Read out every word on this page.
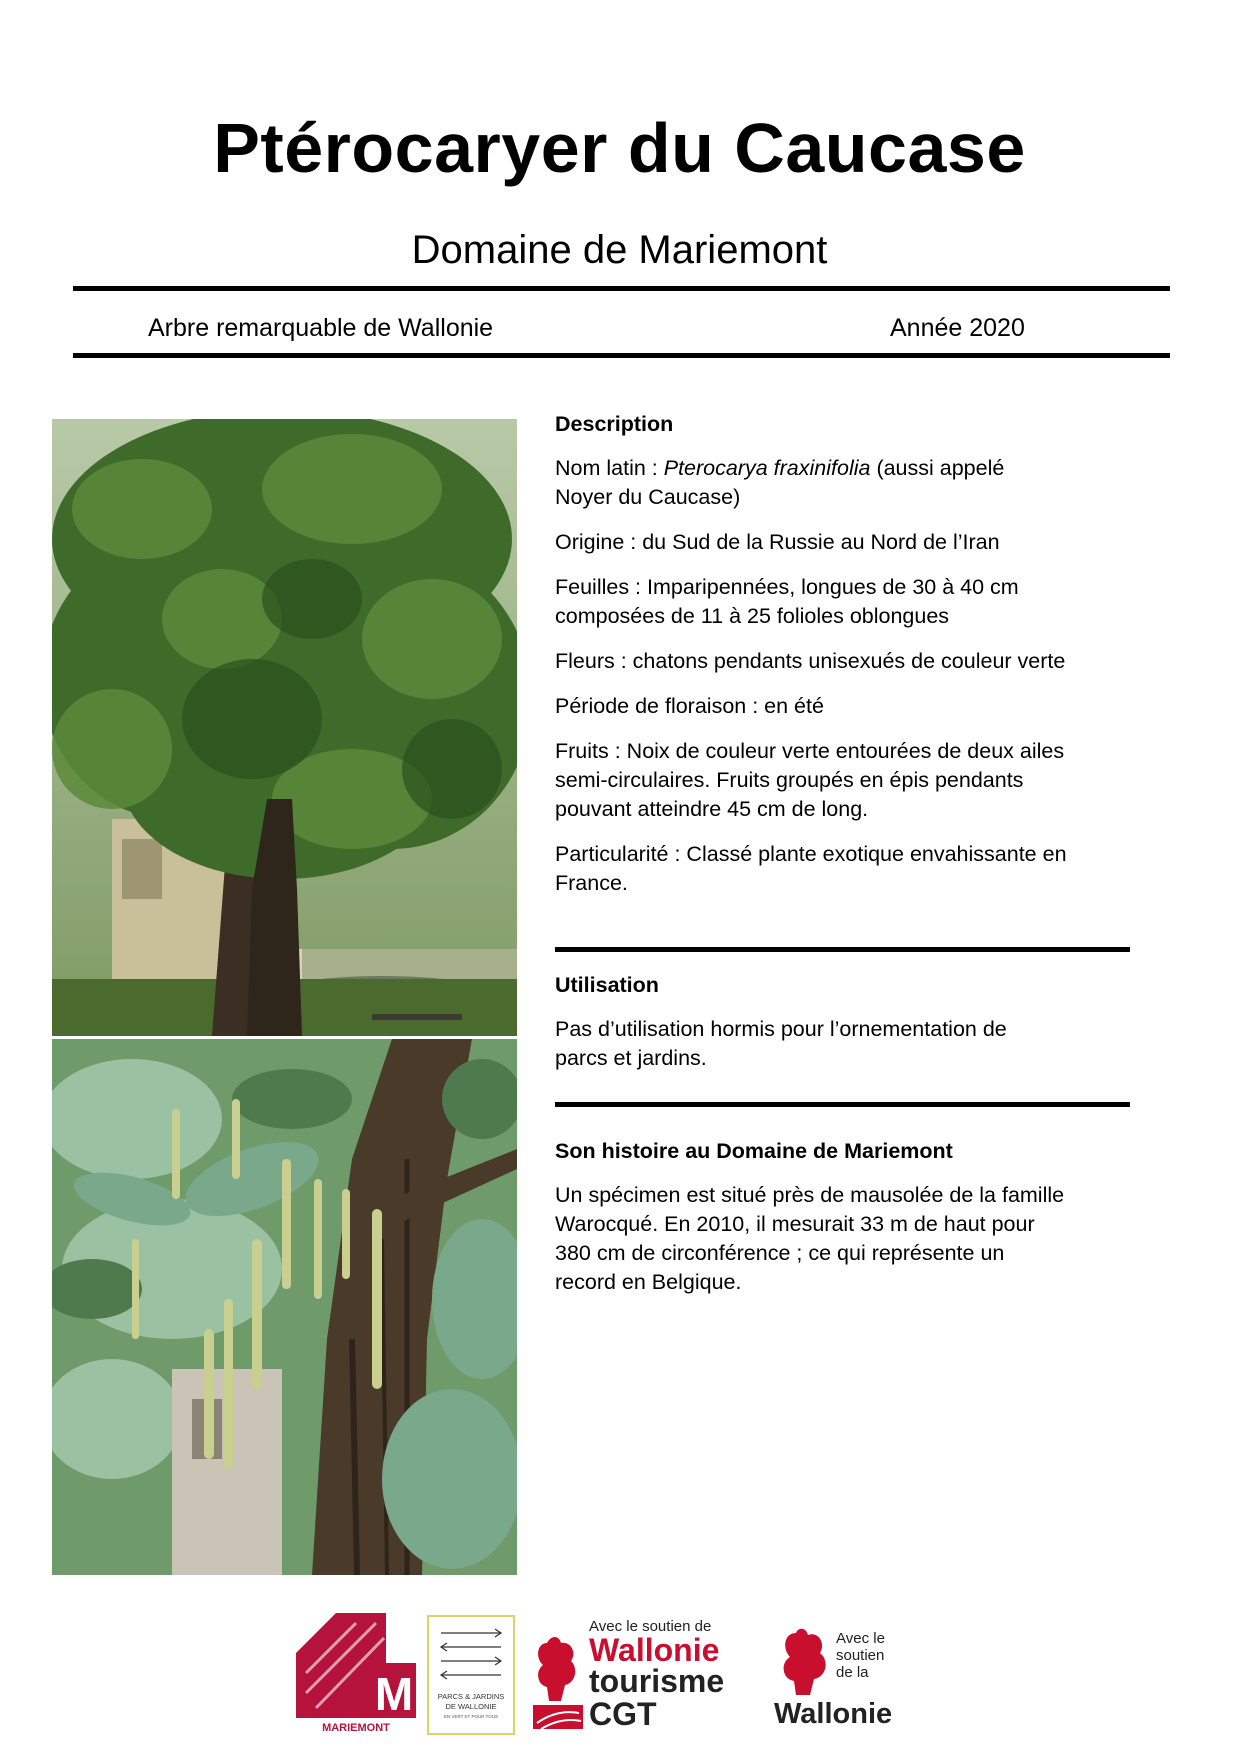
Ptérocaryer du Caucase
Domaine de Mariemont
Arbre remarquable de Wallonie	Année 2020

Description

Nom latin : Pterocarya fraxinifolia (aussi appelé
Noyer du Caucase)

Origine : du Sud de la Russie au Nord de l’Iran

Feuilles : Imparipennées, longues de 30 à 40 cm
composées de 11 à 25 folioles oblongues

Fleurs : chatons pendants unisexués de couleur verte

Période de floraison : en été

Fruits : Noix de couleur verte entourées de deux ailes
semi-circulaires. Fruits groupés en épis pendants
pouvant atteindre 45 cm de long.

Particularité : Classé plante exotique envahissante en
France.

Utilisation

Pas d’utilisation hormis pour l’ornementation de
parcs et jardins.

Son histoire au Domaine de Mariemont

Un spécimen est situé près de mausolée de la famille
Warocqué. En 2010, il mesurait 33 m de haut pour
380 cm de circonférence ; ce qui représente un
record en Belgique.

M
MARIEMONT
PARCS & JARDINS
DE WALLONIE
EN VERT ET POUR TOUS
Avec le soutien de
Wallonie
tourisme
CGT
Avec le
soutien
de la
Wallonie
